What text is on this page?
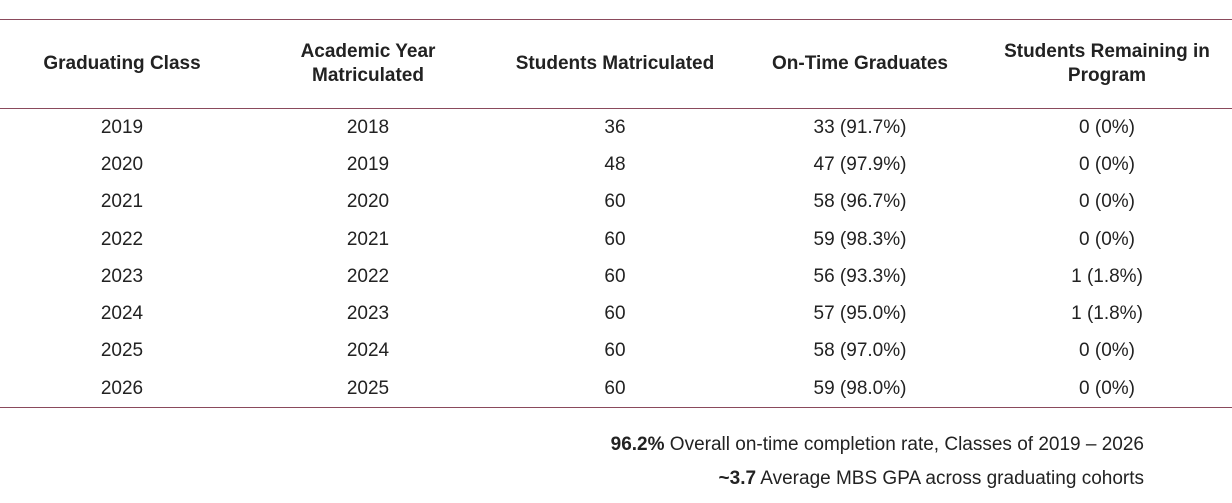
Graduating Class	Academic Year Matriculated	Students Matriculated	On-Time Graduates	Students Remaining in Program
2019	2018	36	33 (91.7%)	0 (0%)
2020	2019	48	47 (97.9%)	0 (0%)
2021	2020	60	58 (96.7%)	0 (0%)
2022	2021	60	59 (98.3%)	0 (0%)
2023	2022	60	56 (93.3%)	1 (1.8%)
2024	2023	60	57 (95.0%)	1 (1.8%)
2025	2024	60	58 (97.0%)	0 (0%)
2026	2025	60	59 (98.0%)	0 (0%)
96.2% Overall on-time completion rate, Classes of 2019 – 2026
~3.7 Average MBS GPA across graduating cohorts
